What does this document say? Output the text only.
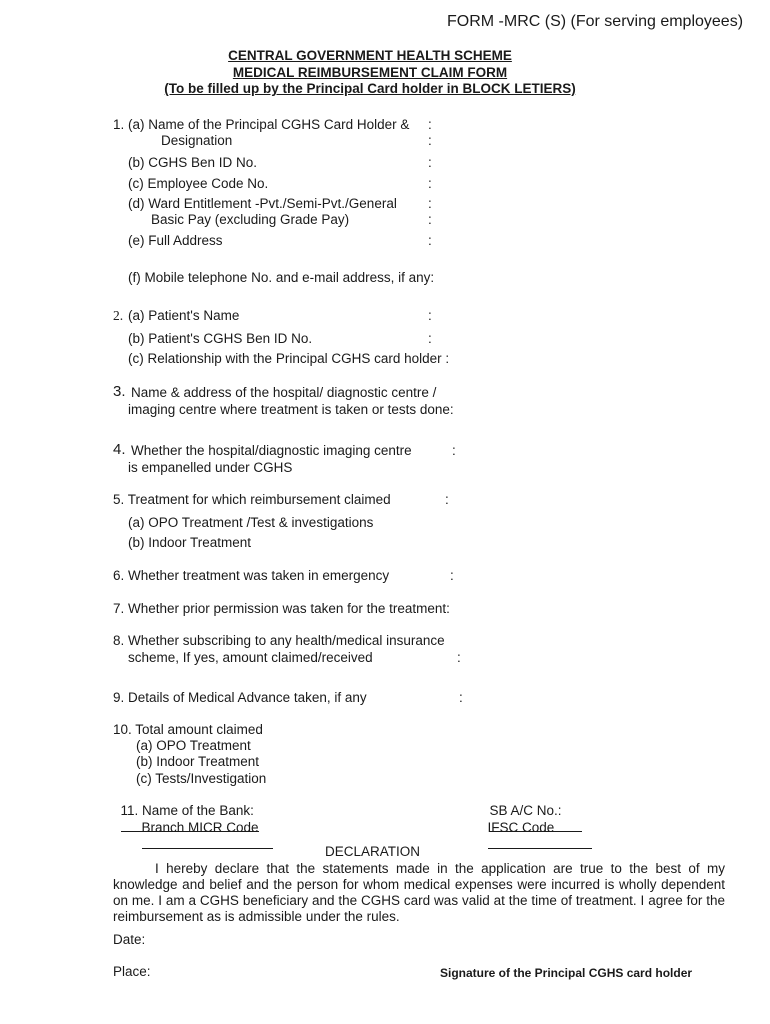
FORM -MRC (S) (For serving employees)
CENTRAL GOVERNMENT HEALTH SCHEME
MEDICAL REIMBURSEMENT CLAIM FORM
(To be filled up by the Principal Card holder in BLOCK LETIERS)
1. (a) Name of the Principal CGHS Card Holder & :
Designation	:
(b) CGHS Ben ID No.	:
(c) Employee Code No.	:
(d) Ward Entitlement -Pvt./Semi-Pvt./General :
Basic Pay (excluding Grade Pay)	:
(e) Full Address	:
(f) Mobile telephone No. and e-mail address, if any:
2. (a) Patient's Name	:
(b) Patient's CGHS Ben ID No.	:
(c) Relationship with the Principal CGHS card holder :
3. Name & address of the hospital/ diagnostic centre /
imaging centre where treatment is taken or tests done:
4. Whether the hospital/diagnostic imaging centre	:
is empanelled under CGHS
5. Treatment for which reimbursement claimed	:
(a) OPO Treatment /Test & investigations
(b) Indoor Treatment
6. Whether treatment was taken in emergency	:
7. Whether prior permission was taken for the treatment:
8. Whether subscribing to any health/medical insurance
scheme, If yes, amount claimed/received	:
9. Details of Medical Advance taken, if any	:
10. Total amount claimed
(a) OPO Treatment
(b) Indoor Treatment
(c) Tests/Investigation

11. Name of the Bank:
	SB A/C No.:

Branch MICR Code
	IFSC Code

DECLARATION
I hereby declare that the statements made in the application are true to the best of my knowledge and belief and the person for whom medical expenses were incurred is wholly dependent on me. I am a CGHS beneficiary and the CGHS card was valid at the time of treatment. I agree for the reimbursement as is admissible under the rules.
Date:
Place:	Signature of the Principal CGHS card holder
